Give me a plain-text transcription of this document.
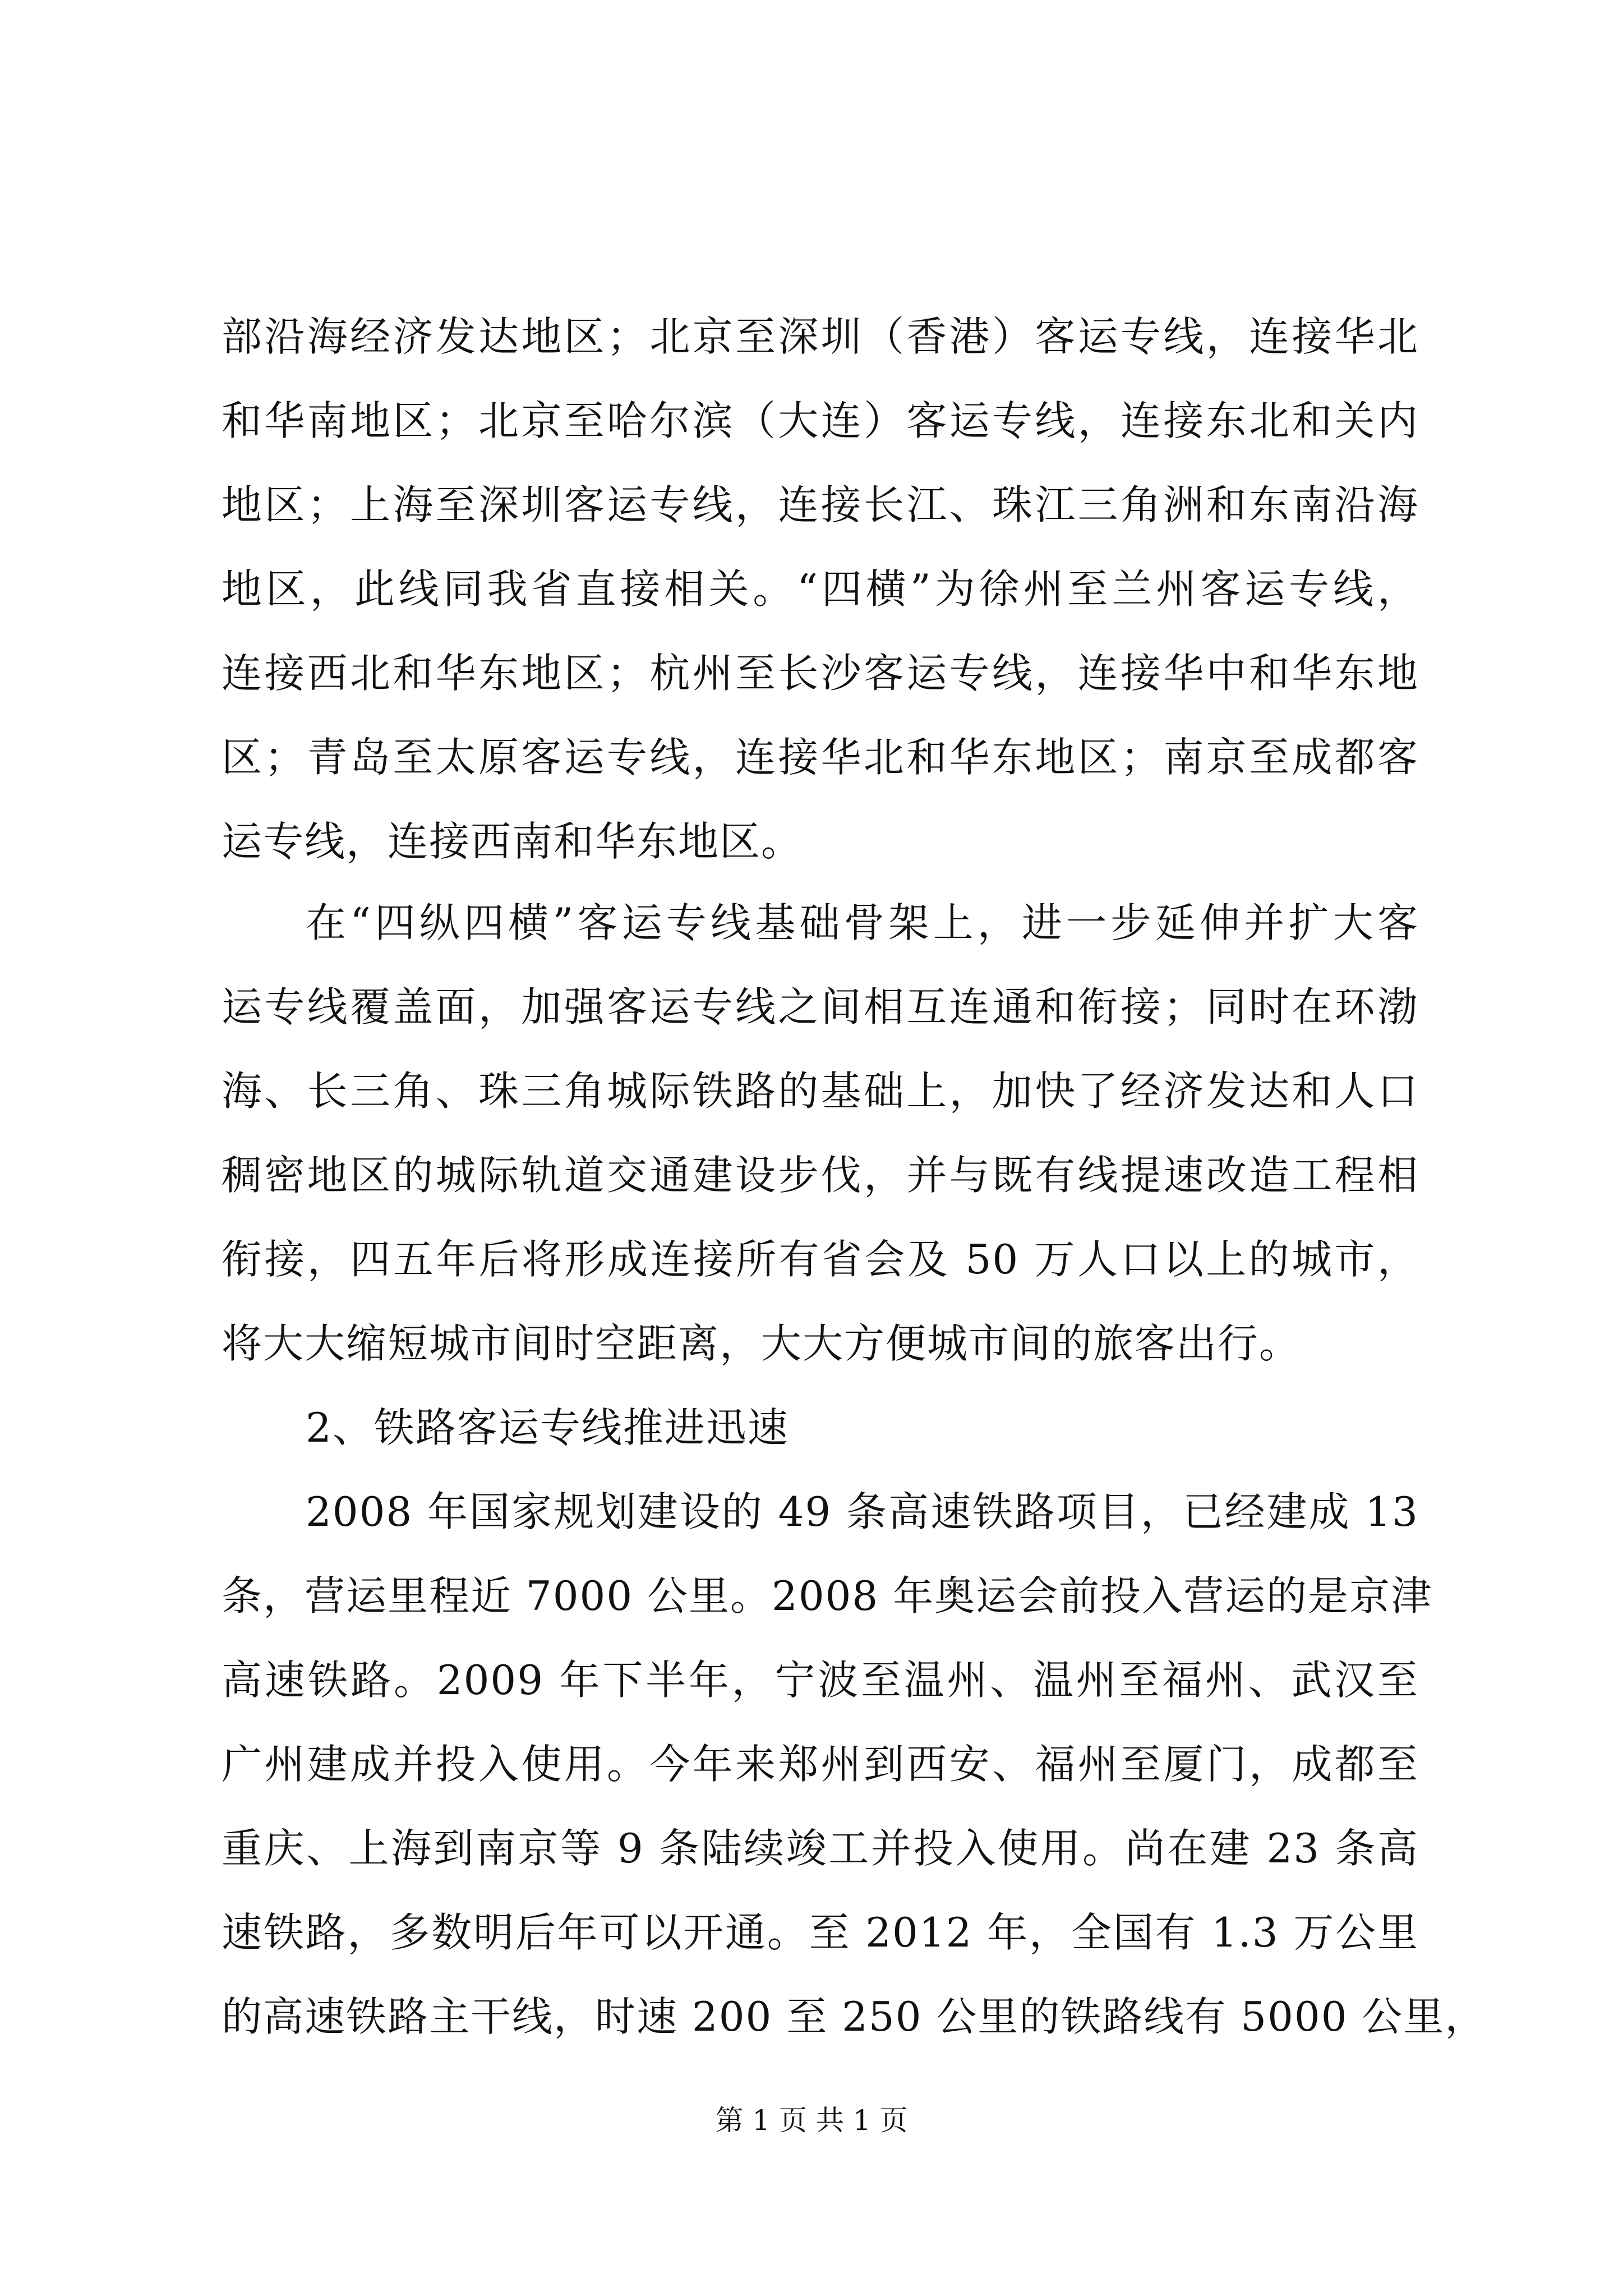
部沿海经济发达地区；北京至深圳（香港）客运专线，连接华北
和华南地区；北京至哈尔滨（大连）客运专线，连接东北和关内
地区；上海至深圳客运专线，连接长江、珠江三角洲和东南沿海
地区，此线同我省直接相关。“四横”为徐州至兰州客运专线，
连接西北和华东地区；杭州至长沙客运专线，连接华中和华东地
区；青岛至太原客运专线，连接华北和华东地区；南京至成都客
运专线，连接西南和华东地区。
在“四纵四横”客运专线基础骨架上，进一步延伸并扩大客
运专线覆盖面，加强客运专线之间相互连通和衔接；同时在环渤
海、长三角、珠三角城际铁路的基础上，加快了经济发达和人口
稠密地区的城际轨道交通建设步伐，并与既有线提速改造工程相
衔接，四五年后将形成连接所有省会及 50 万人口以上的城市，
将大大缩短城市间时空距离，大大方便城市间的旅客出行。
2、铁路客运专线推进迅速
2008 年国家规划建设的 49 条高速铁路项目，已经建成 13
条，营运里程近 7000 公里。2008 年奥运会前投入营运的是京津
高速铁路。2009 年下半年，宁波至温州、温州至福州、武汉至
广州建成并投入使用。今年来郑州到西安、福州至厦门，成都至
重庆、上海到南京等 9 条陆续竣工并投入使用。尚在建 23 条高
速铁路，多数明后年可以开通。至 2012 年，全国有 1.3 万公里
的高速铁路主干线，时速 200 至 250 公里的铁路线有 5000 公里，
第 1 页 共 1 页
